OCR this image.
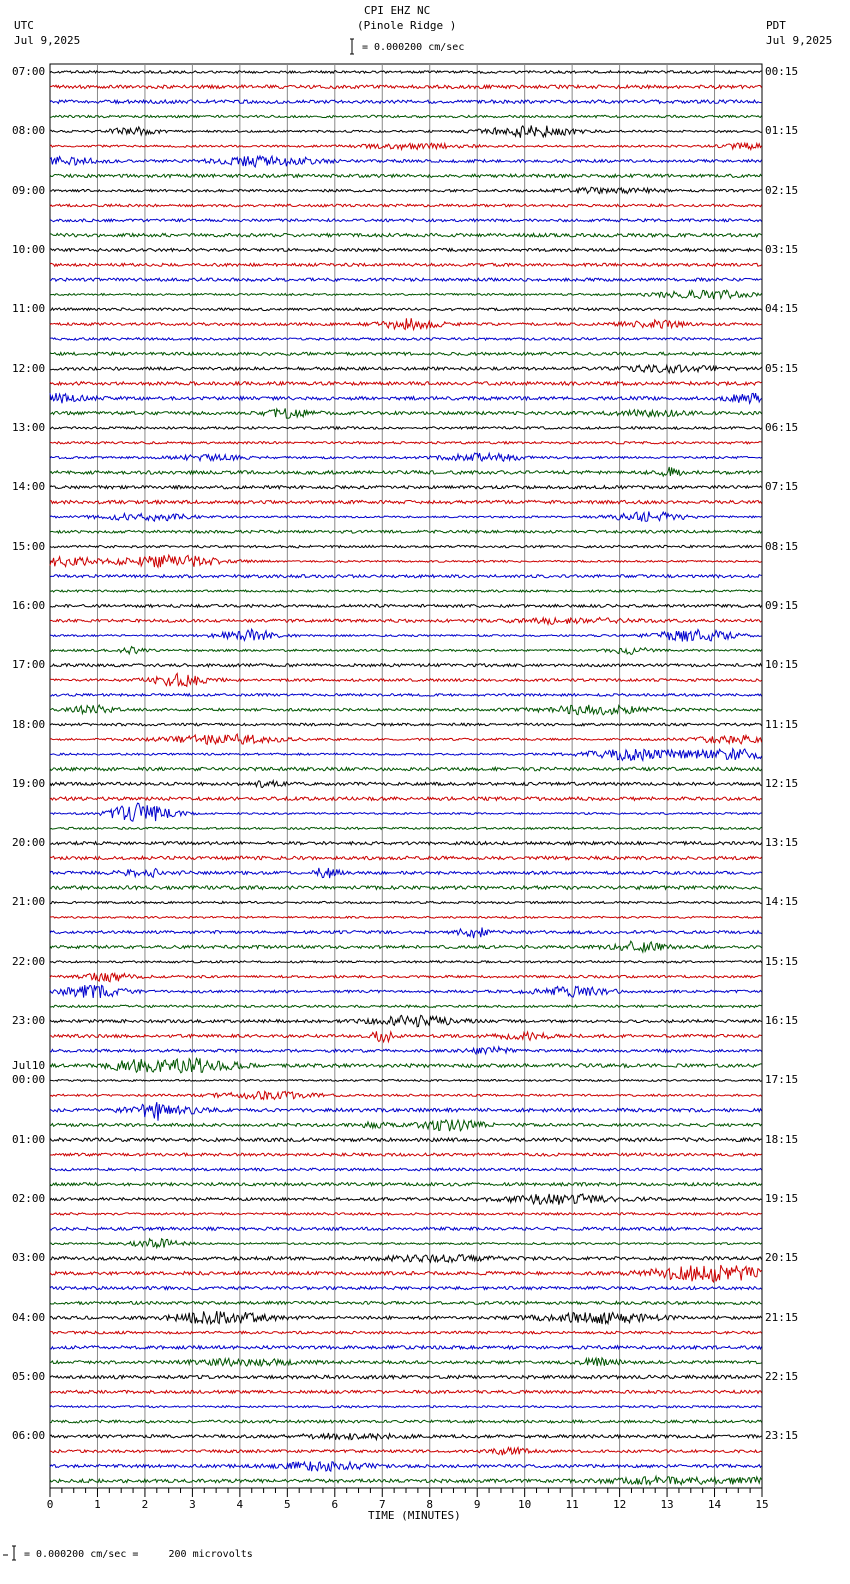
0	1	2	3	4	5	6	7	8	9	10	11	12	13	14	15
CPI EHZ NC
(Pinole Ridge )
UTC
Jul 9,2025
PDT
Jul 9,2025
= 0.000200 cm/sec
TIME (MINUTES)
= 0.000200 cm/sec =     200 microvolts
07:00	00:15
08:00	01:15
09:00	02:15
10:00	03:15
11:00	04:15
12:00	05:15
13:00	06:15
14:00	07:15
15:00	08:15
16:00	09:15
17:00	10:15
18:00	11:15
19:00	12:15
20:00	13:15
21:00	14:15
22:00	15:15
23:00	16:15
00:00	17:15
Jul10
01:00	18:15
02:00	19:15
03:00	20:15
04:00	21:15
05:00	22:15
06:00	23:15
